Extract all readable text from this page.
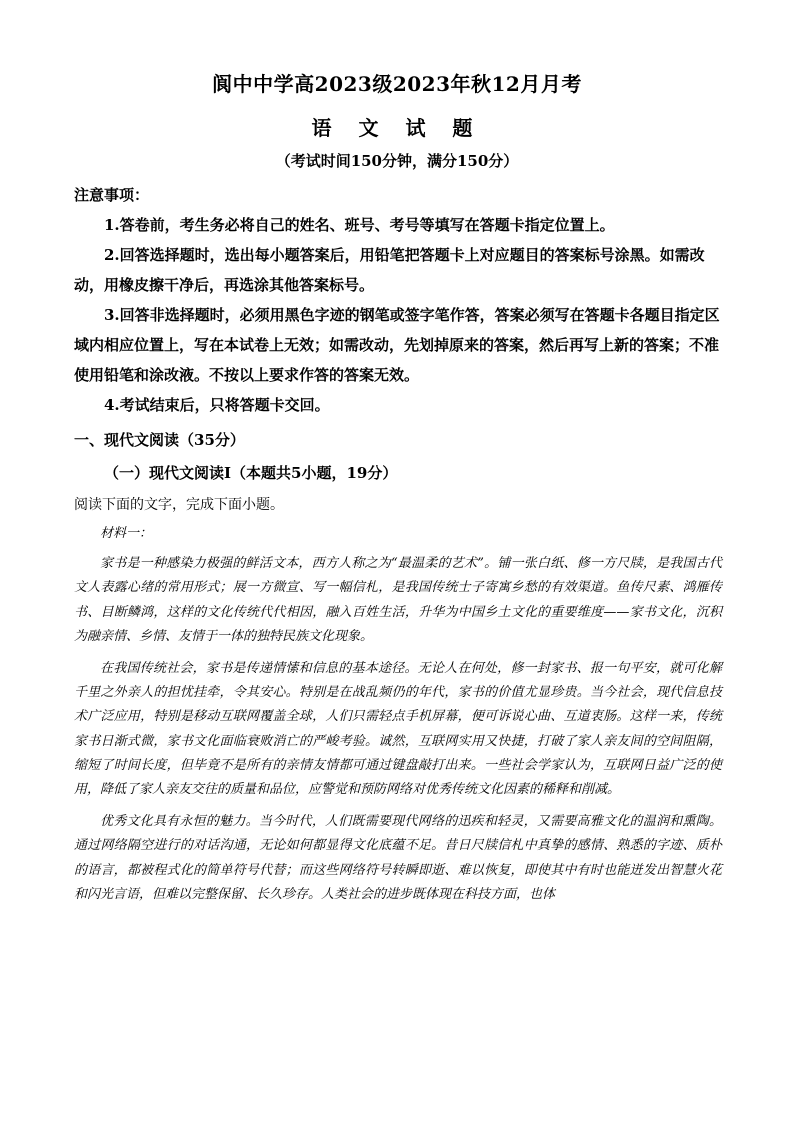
阆中中学高2023级2023年秋12月月考
语 文 试 题
（考试时间150分钟，满分150分）

注意事项：

1.答卷前，考生务必将自己的姓名、班号、考号等填写在答题卡指定位置上。

2.回答选择题时，选出每小题答案后，用铅笔把答题卡上对应题目的答案标号涂黑。如需改动，用橡皮擦干净后，再选涂其他答案标号。

3.回答非选择题时，必须用黑色字迹的钢笔或签字笔作答，答案必须写在答题卡各题目指定区域内相应位置上，写在本试卷上无效；如需改动，先划掉原来的答案，然后再写上新的答案；不准使用铅笔和涂改液。不按以上要求作答的答案无效。

4.考试结束后，只将答题卡交回。

一、现代文阅读（35分）
（一）现代文阅读Ⅰ（本题共5小题，19分）
阅读下面的文字，完成下面小题。

材料一：

家书是一种感染力极强的鲜活文本，西方人称之为“最温柔的艺术”。铺一张白纸、修一方尺牍，是我国古代文人表露心绪的常用形式；展一方微宣、写一幅信札，是我国传统士子寄寓乡愁的有效渠道。鱼传尺素、鸿雁传书、目断鳞鸿，这样的文化传统代代相因，融入百姓生活，升华为中国乡土文化的重要维度——家书文化，沉积为融亲情、乡情、友情于一体的独特民族文化现象。

在我国传统社会，家书是传递情愫和信息的基本途径。无论人在何处，修一封家书、报一句平安，就可化解千里之外亲人的担忧挂牵，令其安心。特别是在战乱频仍的年代，家书的价值尤显珍贵。当今社会，现代信息技术广泛应用，特别是移动互联网覆盖全球，人们只需轻点手机屏幕，便可诉说心曲、互道衷肠。这样一来，传统家书日渐式微，家书文化面临衰败消亡的严峻考验。诚然，互联网实用又快捷，打破了家人亲友间的空间阻隔，缩短了时间长度，但毕竟不是所有的亲情友情都可通过键盘敲打出来。一些社会学家认为，互联网日益广泛的使用，降低了家人亲友交往的质量和品位，应警觉和预防网络对优秀传统文化因素的稀释和削减。

优秀文化具有永恒的魅力。当今时代，人们既需要现代网络的迅疾和轻灵，又需要高雅文化的温润和熏陶。通过网络隔空进行的对话沟通，无论如何都显得文化底蕴不足。昔日尺牍信札中真挚的感情、熟悉的字迹、质朴的语言，都被程式化的简单符号代替；而这些网络符号转瞬即逝、难以恢复，即使其中有时也能迸发出智慧火花和闪光言语，但难以完整保留、长久珍存。人类社会的进步既体现在科技方面，也体
